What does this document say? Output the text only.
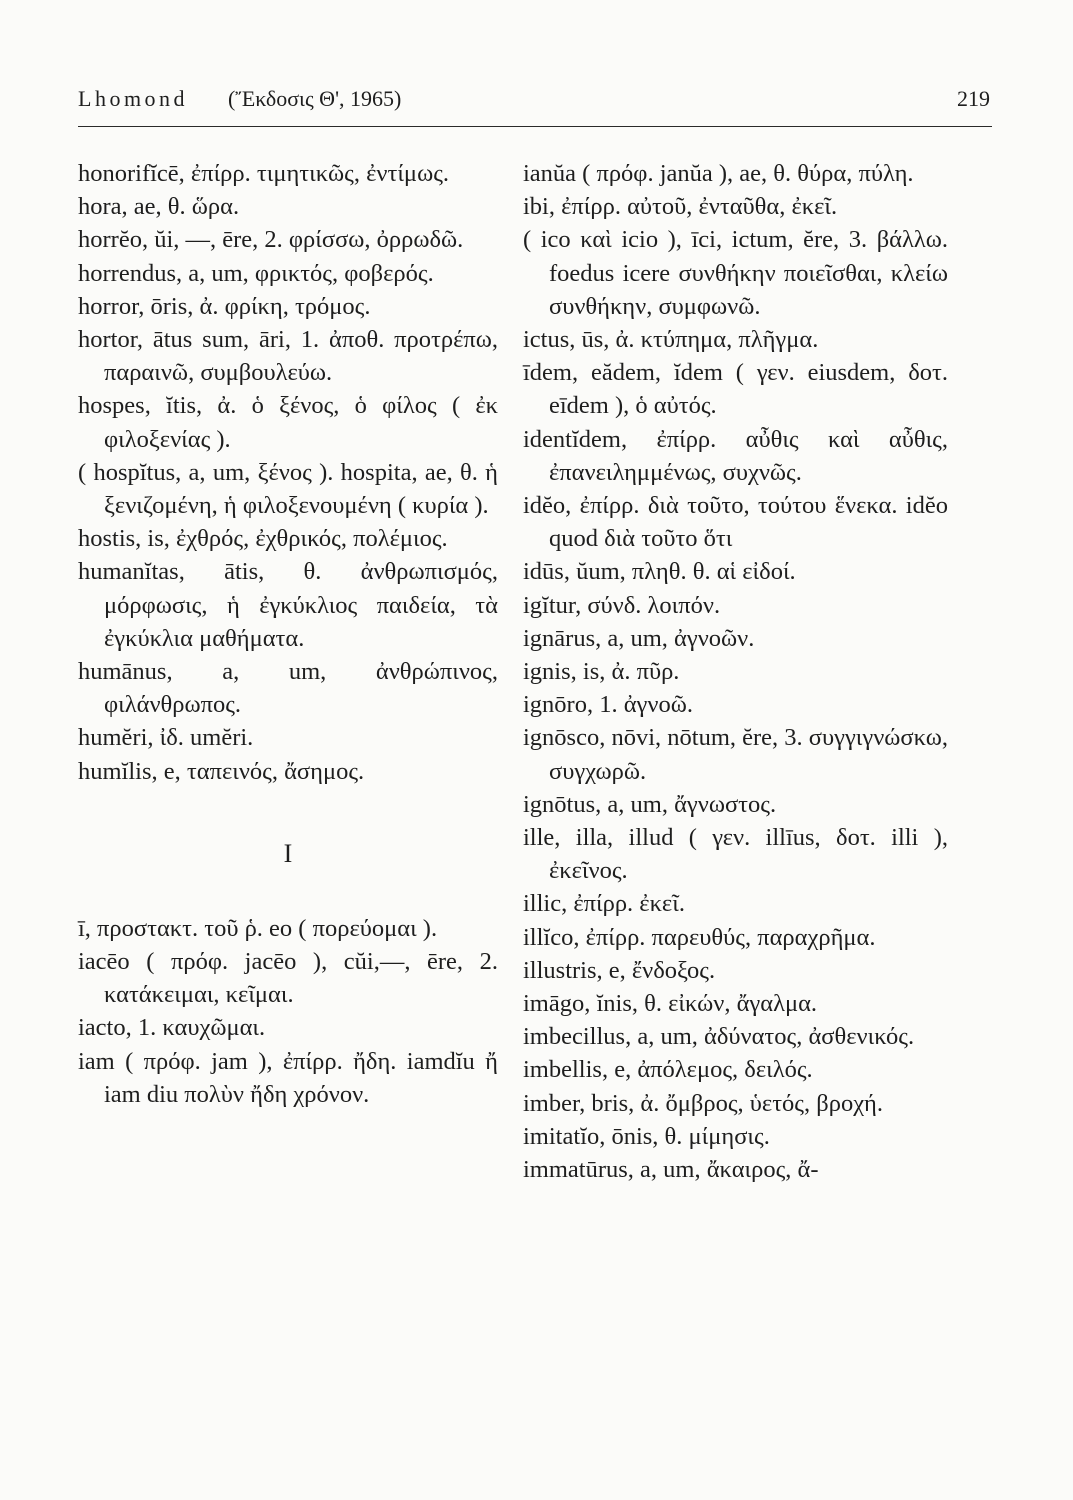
Lhomond (Ἔκδοσις Θ', 1965)	219

honorifĭcē, ἐπίρρ. τιμητικῶς, ἐντίμως.

hora, ae, θ. ὥρα.

horrĕo, ŭi, —, ēre, 2. φρίσσω, ὀρρωδῶ.

horrendus, a, um, φρικτός, φοβερός.

horror, ōris, ἀ. φρίκη, τρόμος.

hortor, ātus sum, āri, 1. ἀποθ. προτρέπω, παραινῶ, συμβουλεύω.

hospes, ĭtis, ἀ. ὁ ξένος, ὁ φίλος ( ἐκ φιλοξενίας ).

( hospĭtus, a, um, ξένος ). hospita, ae, θ. ἡ ξενιζομένη, ἡ φιλοξενουμένη ( κυρία ).

hostis, is, ἐχθρός, ἐχθρικός, πολέμιος.

humanĭtas, ātis, θ. ἀνθρωπισμός, μόρφωσις, ἡ ἐγκύκλιος παιδεία, τὰ ἐγκύκλια μαθήματα.

humānus, a, um, ἀνθρώπινος, φιλάνθρωπος.

humĕri, ἰδ. umĕri.

humĭlis, e, ταπεινός, ἄσημος.

I

ī, προστακτ. τοῦ ῥ. eo ( πορεύομαι ).

iacēo ( πρόφ. jacēo ), cŭi,—, ēre, 2. κατάκειμαι, κεῖμαι.

iacto, 1. καυχῶμαι.

iam ( πρόφ. jam ), ἐπίρρ. ἤδη. iamdĭu ἤ iam diu πολὺν ἤδη χρόνον.

ianŭa ( πρόφ. janŭa ), ae, θ. θύρα, πύλη.

ibi, ἐπίρρ. αὐτοῦ, ἐνταῦθα, ἐκεῖ.

( ico καὶ icio ), īci, ictum, ĕre, 3. βάλλω. foedus icere συνθήκην ποιεῖσθαι, κλείω συνθήκην, συμφωνῶ.

ictus, ūs, ἀ. κτύπημα, πλῆγμα.

īdem, eădem, ĭdem ( γεν. eiusdem, δοτ. eīdem ), ὁ αὐτός.

identĭdem, ἐπίρρ. αὖθις καὶ αὖθις, ἐπανειλημμένως, συχνῶς.

idĕo, ἐπίρρ. διὰ τοῦτο, τούτου ἕνεκα. idĕo quod διὰ τοῦτο ὅτι

idūs, ŭum, πληθ. θ. αἱ εἰδοί.

igĭtur, σύνδ. λοιπόν.

ignārus, a, um, ἀγνοῶν.

ignis, is, ἀ. πῦρ.

ignōro, 1. ἀγνοῶ.

ignōsco, nōvi, nōtum, ĕre, 3. συγγιγνώσκω, συγχωρῶ.

ignōtus, a, um, ἄγνωστος.

ille, illa, illud ( γεν. illīus, δοτ. illi ), ἐκεῖνος.

illic, ἐπίρρ. ἐκεῖ.

illĭco, ἐπίρρ. παρευθύς, παραχρῆμα.

illustris, e, ἔνδοξος.

imāgo, ĭnis, θ. εἰκών, ἄγαλμα.

imbecillus, a, um, ἀδύνατος, ἀσθενικός.

imbellis, e, ἀπόλεμος, δειλός.

imber, bris, ἀ. ὄμβρος, ὑετός, βροχή.

imitatĭo, ōnis, θ. μίμησις.

immatūrus, a, um, ἄκαιρος, ἄ-
